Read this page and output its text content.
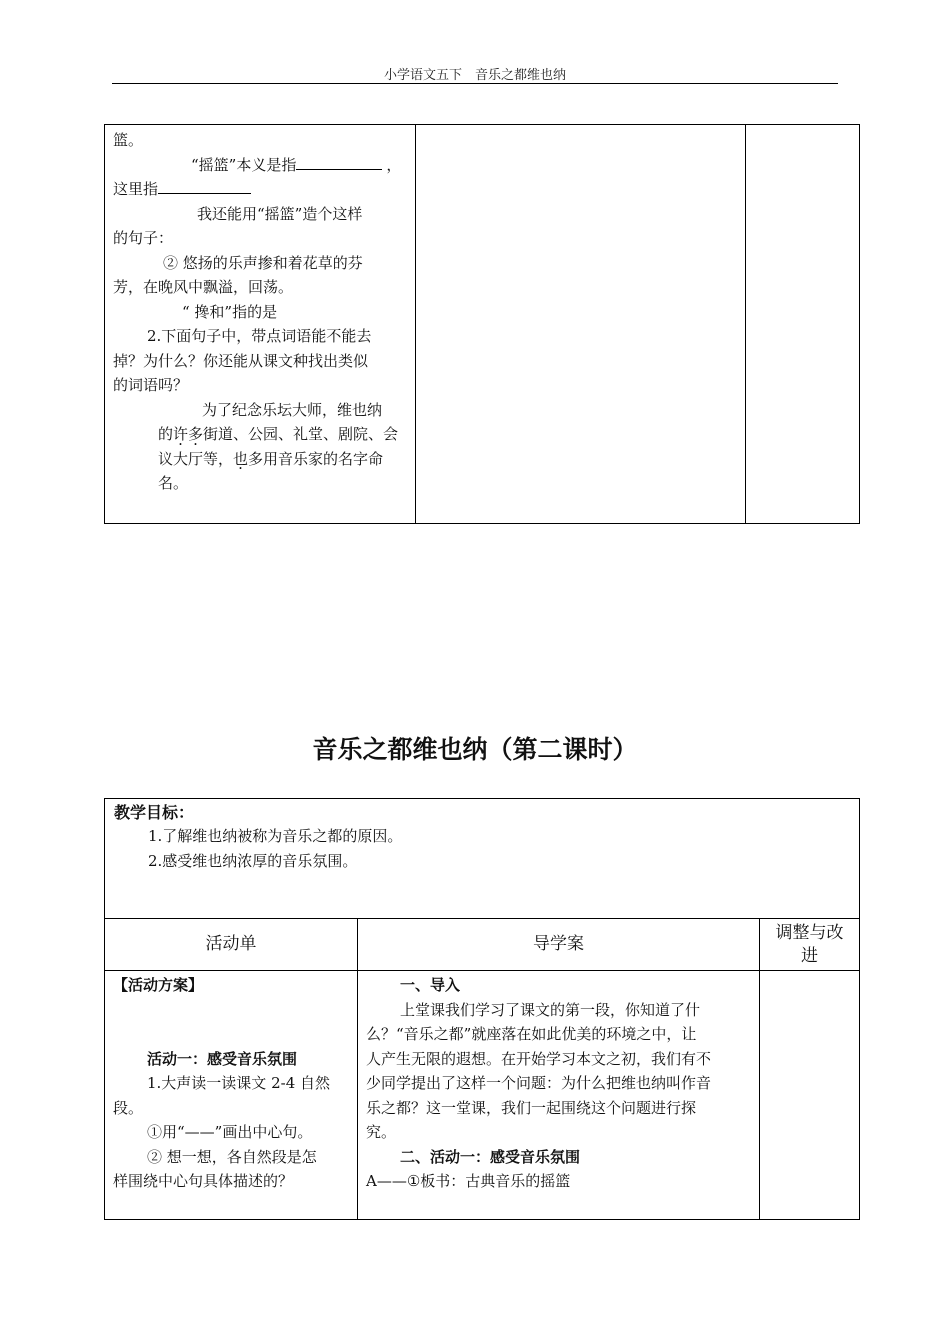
小学语文五下　音乐之都维也纳

篮。

“摇篮”本义是指	，

这里指

我还能用“摇篮”造个这样

的句子：

② 悠扬的乐声掺和着花草的芬

芳，在晚风中飘溢，回荡。

“ 搀和”指的是

2.下面句子中，带点词语能不能去

掉？为什么？你还能从课文种找出类似

的词语吗？

为了纪念乐坛大师，维也纳

的许多街道、公园、礼堂、剧院、会

议大厅等，也多用音乐家的名字命

名。

音乐之都维也纳（第二课时）

教学目标：

1.了解维也纳被称为音乐之都的原因。

2.感受维也纳浓厚的音乐氛围。

活动单	导学案
调整与改
进

【活动方案】

活动一：感受音乐氛围

1.大声读一读课文 2-4 自然

段。

①用“——”画出中心句。

② 想一想，各自然段是怎

样围绕中心句具体描述的？

一、导入

上堂课我们学习了课文的第一段，你知道了什

么？“音乐之都”就座落在如此优美的环境之中，让

人产生无限的遐想。在开始学习本文之初，我们有不

少同学提出了这样一个问题：为什么把维也纳叫作音

乐之都？这一堂课，我们一起围绕这个问题进行探

究。

二、活动一：感受音乐氛围

A——①板书：古典音乐的摇篮
